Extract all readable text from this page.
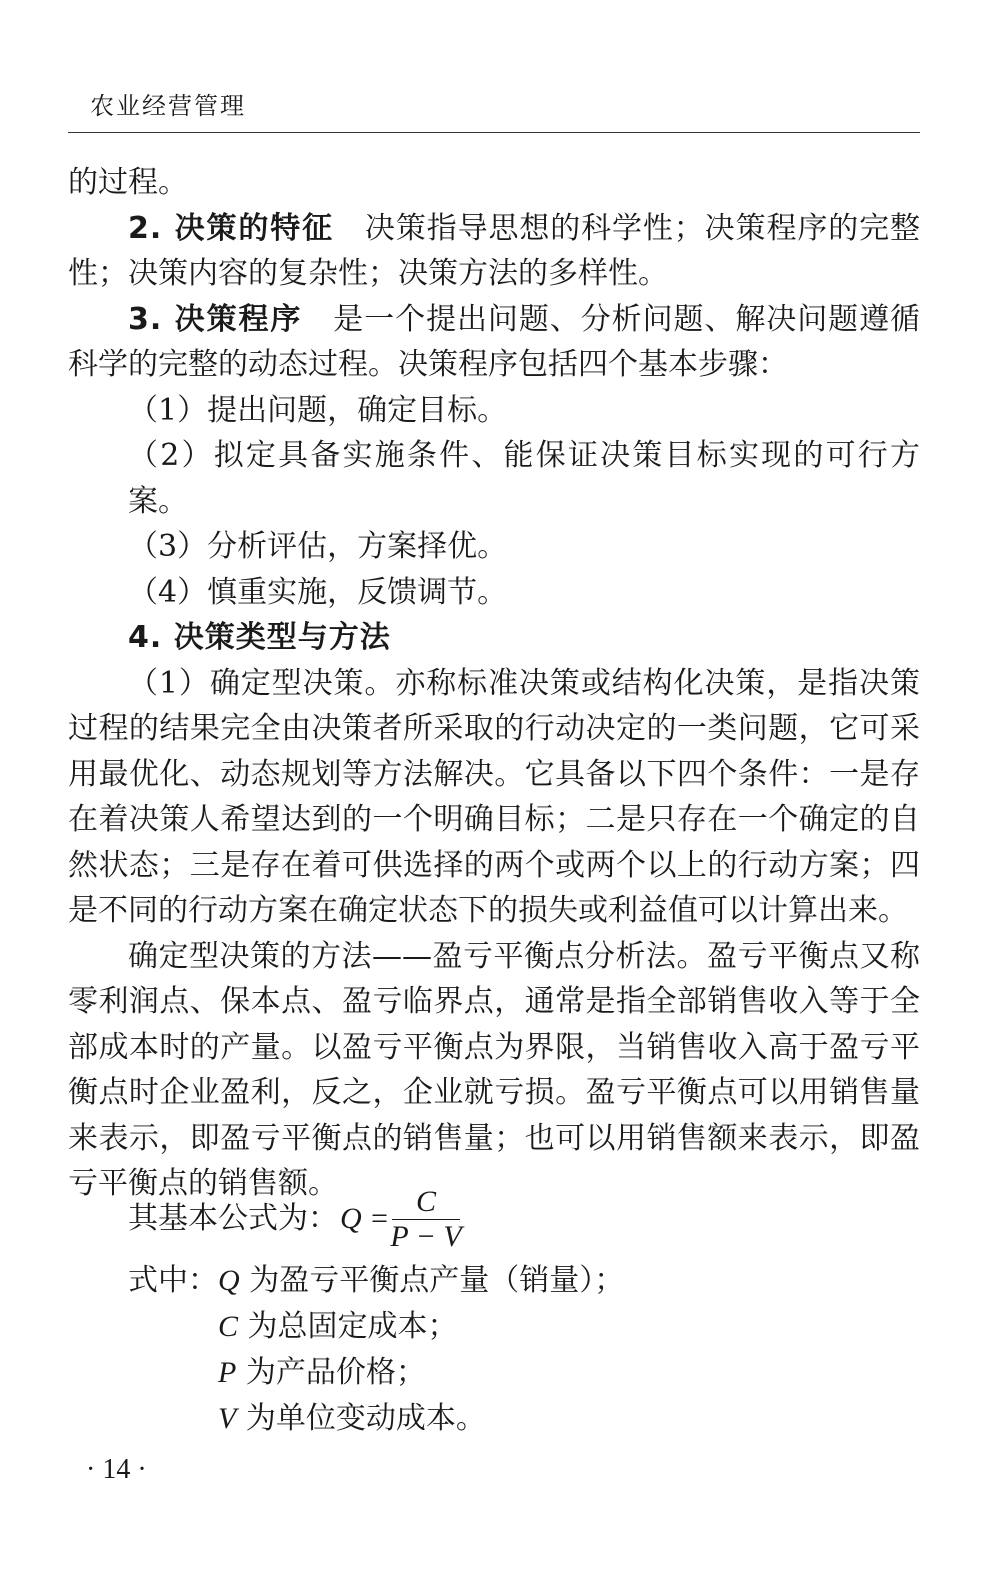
农业经营管理

的过程。

2. 决策的特征 决策指导思想的科学性；决策程序的完整性；决策内容的复杂性；决策方法的多样性。

3. 决策程序 是一个提出问题、分析问题、解决问题遵循科学的完整的动态过程。决策程序包括四个基本步骤：

（1）提出问题，确定目标。

（2）拟定具备实施条件、能保证决策目标实现的可行方案。

（3）分析评估，方案择优。

（4）慎重实施，反馈调节。

4. 决策类型与方法

（1）确定型决策。亦称标准决策或结构化决策，是指决策过程的结果完全由决策者所采取的行动决定的一类问题，它可采用最优化、动态规划等方法解决。它具备以下四个条件：一是存在着决策人希望达到的一个明确目标；二是只存在一个确定的自然状态；三是存在着可供选择的两个或两个以上的行动方案；四是不同的行动方案在确定状态下的损失或利益值可以计算出来。

确定型决策的方法——盈亏平衡点分析法。盈亏平衡点又称零利润点、保本点、盈亏临界点，通常是指全部销售收入等于全部成本时的产量。以盈亏平衡点为界限，当销售收入高于盈亏平衡点时企业盈利，反之，企业就亏损。盈亏平衡点可以用销售量来表示，即盈亏平衡点的销售量；也可以用销售额来表示，即盈亏平衡点的销售额。

其基本公式为： Q =
C
P − V
式中：Q 为盈亏平衡点产量（销量）；
C 为总固定成本；
P 为产品价格；
V 为单位变动成本。
· 14 ·
